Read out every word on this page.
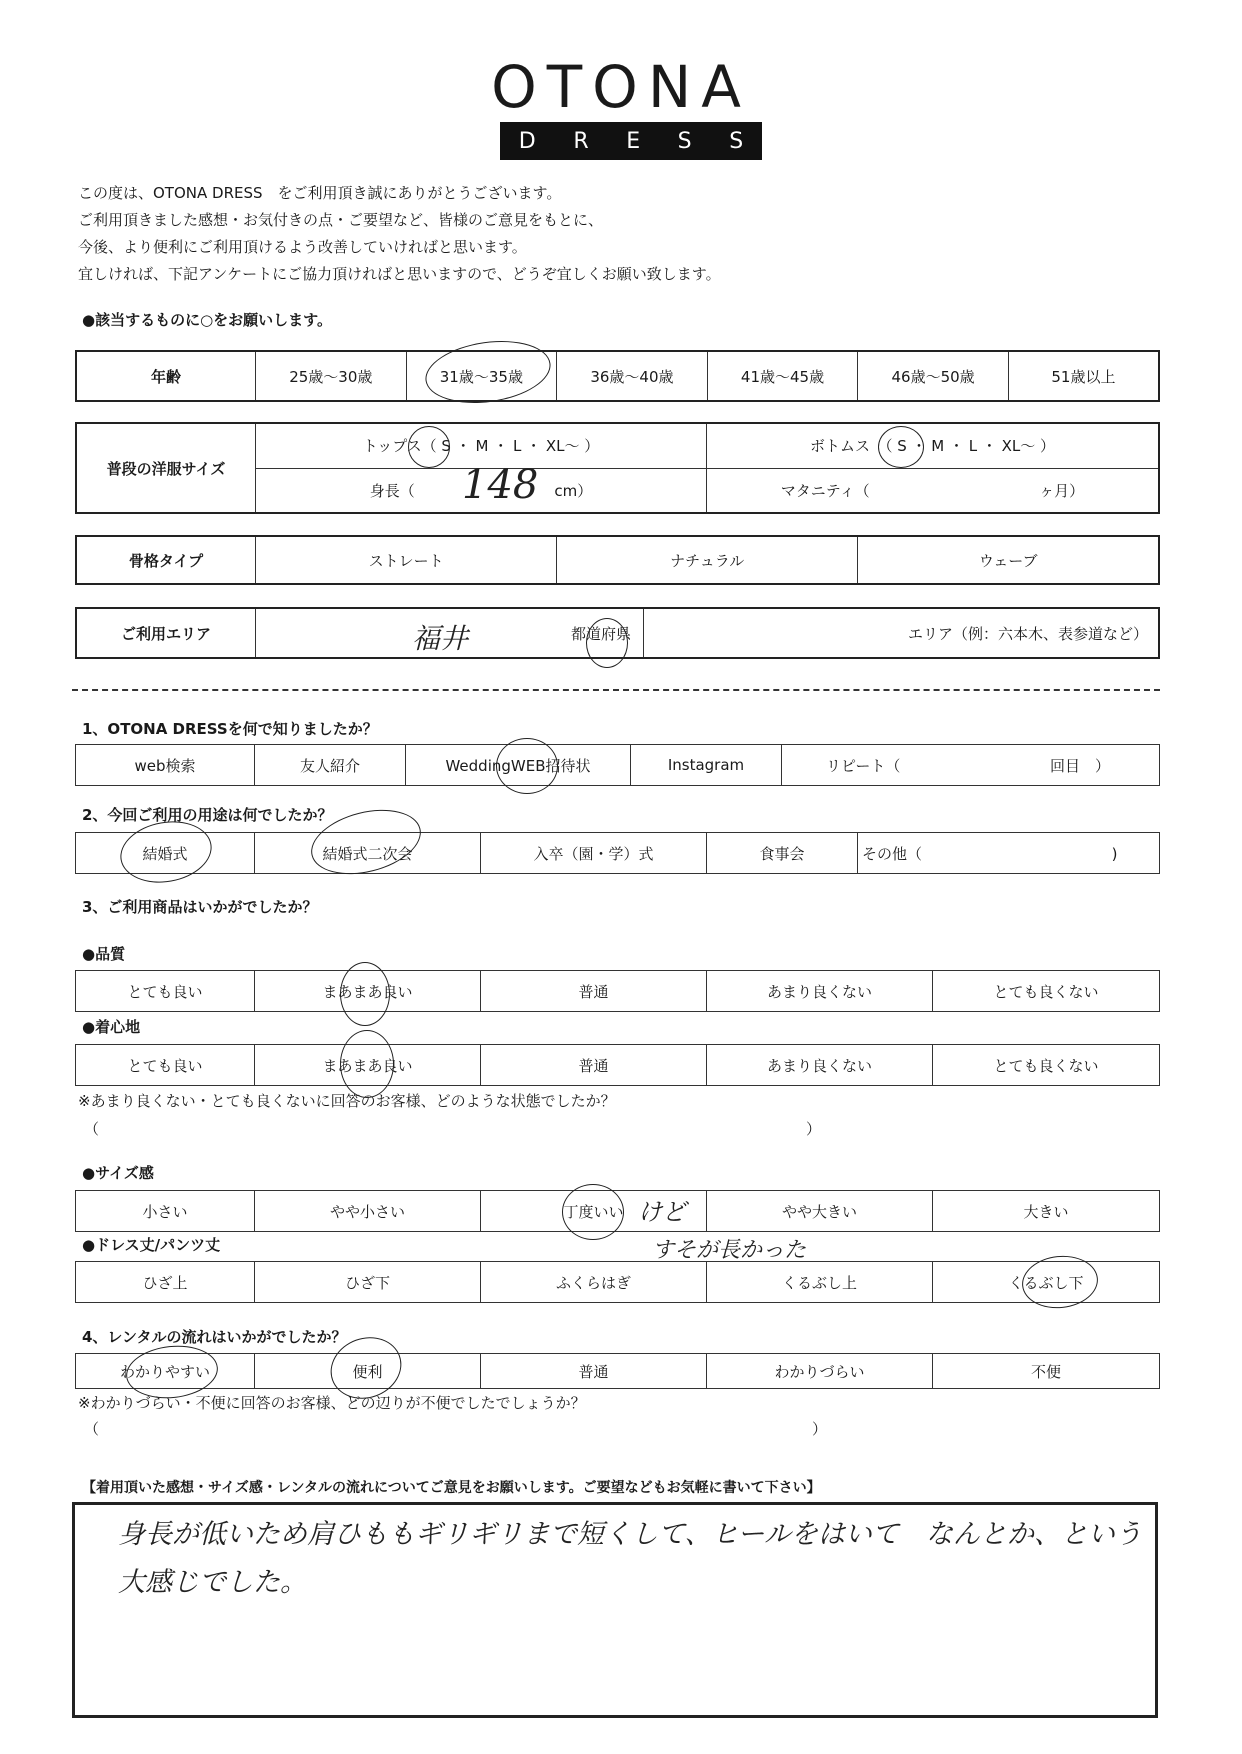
OTONA
D R E S S
この度は、OTONA DRESS　をご利用頂き誠にありがとうございます。
ご利用頂きました感想・お気付きの点・ご要望など、皆様のご意見をもとに、
今後、より便利にご利用頂けるよう改善していければと思います。
宜しければ、下記アンケートにご協力頂ければと思いますので、どうぞ宜しくお願い致します。
●該当するものに○をお願いします。
年齢	25歳～30歳	31歳～35歳	36歳～40歳	41歳～45歳	46歳～50歳	51歳以上
普段の洋服サイズ	トップス（ S ・ M ・ L ・ XL～ ）	ボトムス　（ S ・ M ・ L ・ XL～ ）
	身長（ cm）	マタニティ（ ヶ月）
骨格タイプ	ストレート	ナチュラル	ウェーブ
ご利用エリア	都道府県	エリア（例：六本木、表参道など）
1、OTONA DRESSを何で知りましたか？
web検索	友人紹介	WeddingWEB招待状	Instagram	リピート（	回目　）
2、今回ご利用の用途は何でしたか？
結婚式	結婚式二次会	入卒（園・学）式	食事会	その他（	)
3、ご利用商品はいかがでしたか？
●品質
とても良い	まあまあ良い	普通	あまり良くない	とても良くない
●着心地
とても良い	まあまあ良い	普通	あまり良くない	とても良くない
※あまり良くない・とても良くないに回答のお客様、どのような状態でしたか？
（	）
●サイズ感
小さい	やや小さい	丁度いい	やや大きい	大きい
●ドレス丈/パンツ丈
ひざ上	ひざ下	ふくらはぎ	くるぶし上	くるぶし下
4、レンタルの流れはいかがでしたか？
わかりやすい	便利	普通	わかりづらい	不便
※わかりづらい・不便に回答のお客様、どの辺りが不便でしたでしょうか？
（	）
【着用頂いた感想・サイズ感・レンタルの流れについてご意見をお願いします。ご要望などもお気軽に書いて下さい】
148
福井
けど
すそが長かった
身長が低いため肩ひももギリギリまで短くして、ヒールをはいて　なんとか、という
大感じでした。
